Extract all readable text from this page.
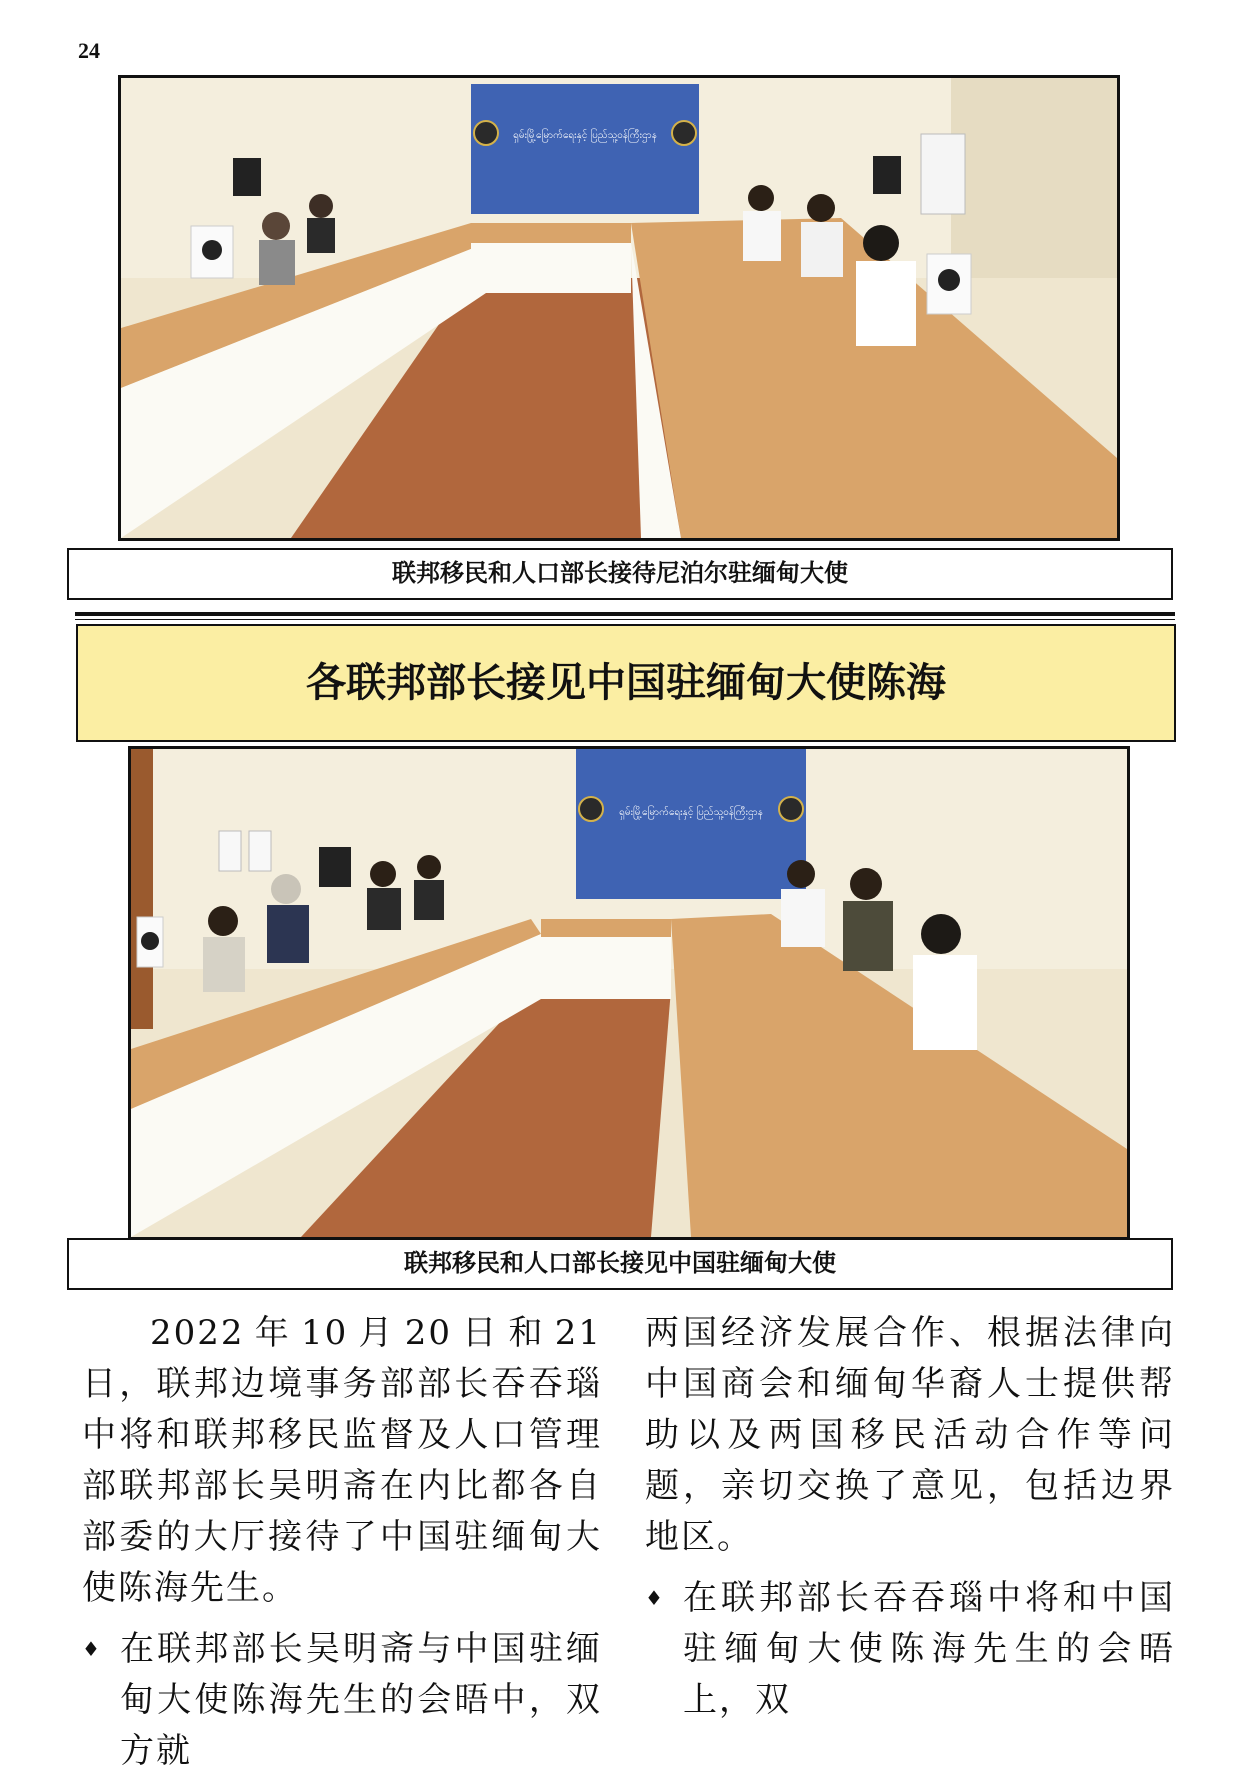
24
ရှမ်းမြို့မြောက်ရေးနှင့် ပြည်သူ့ဝန်ကြီးဌာန
联邦移民和人口部长接待尼泊尔驻缅甸大使
各联邦部长接见中国驻缅甸大使陈海
ရှမ်းမြို့မြောက်ရေးနှင့် ပြည်သူ့ဝန်ကြီးဌာန
联邦移民和人口部长接见中国驻缅甸大使

2022年10月20日和21日，联邦边境事务部部长吞吞瑙中将和联邦移民监督及人口管理部联邦部长吴明斋在内比都各自部委的大厅接待了中国驻缅甸大使陈海先生。

♦ 在联邦部长吴明斋与中国驻缅甸大使陈海先生的会晤中，双方就

两国经济发展合作、根据法律向中国商会和缅甸华裔人士提供帮助以及两国移民活动合作等问题，亲切交换了意见，包括边界地区。

♦ 在联邦部长吞吞瑙中将和中国驻缅甸大使陈海先生的会晤上，双
